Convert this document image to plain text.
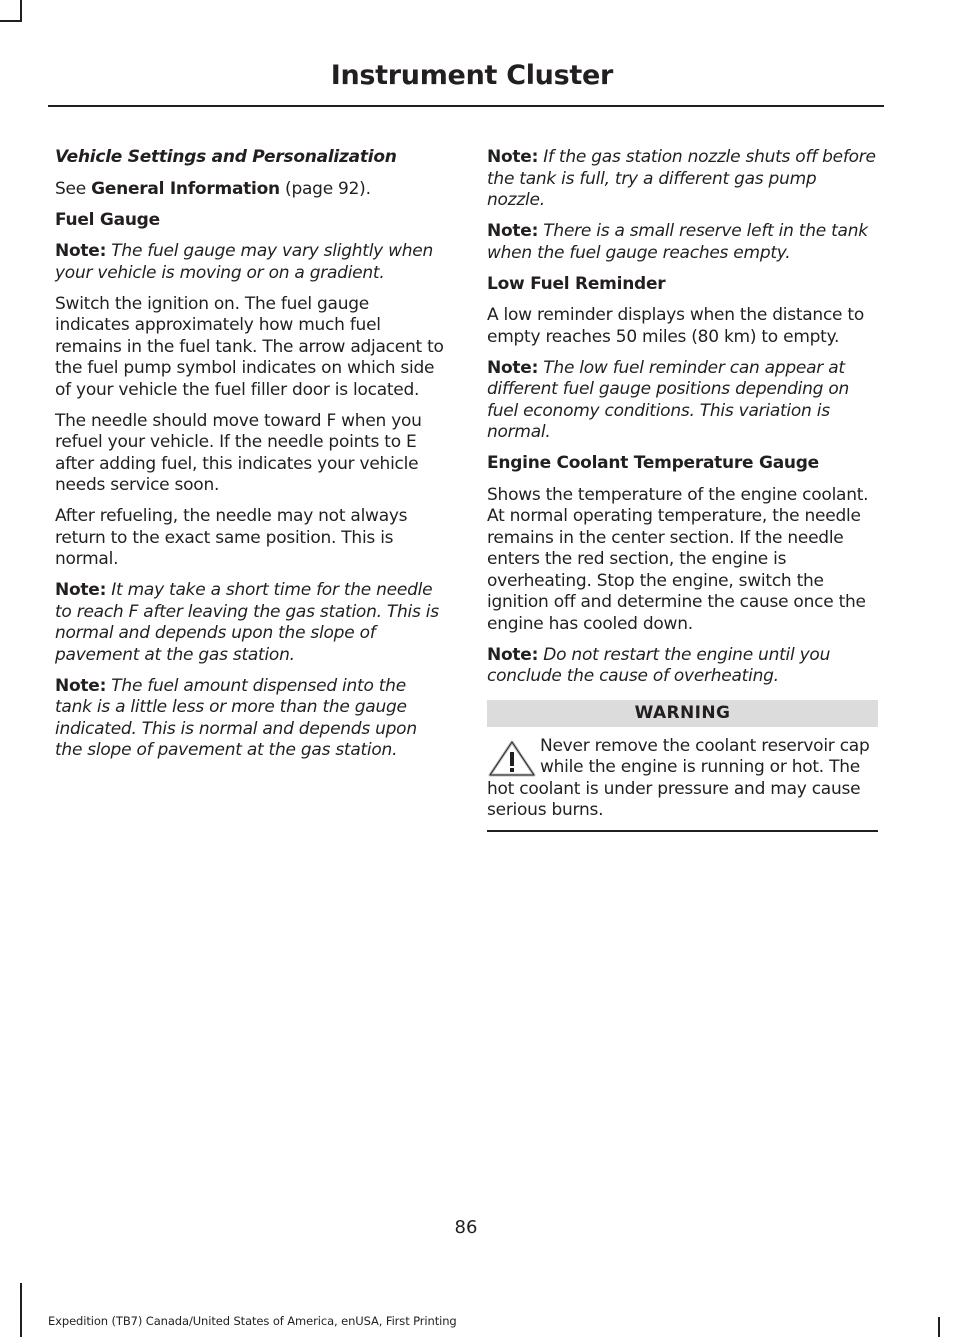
Instrument Cluster
Vehicle Settings and Personalization

See General Information (page 92).

Fuel Gauge

Note: The fuel gauge may vary slightly when your vehicle is moving or on a gradient.

Switch the ignition on. The fuel gauge indicates approximately how much fuel remains in the fuel tank. The arrow adjacent to the fuel pump symbol indicates on which side of your vehicle the fuel filler door is located.

The needle should move toward F when you refuel your vehicle. If the needle points to E after adding fuel, this indicates your vehicle needs service soon.

After refueling, the needle may not always return to the exact same position. This is normal.

Note: It may take a short time for the needle to reach F after leaving the gas station. This is normal and depends upon the slope of pavement at the gas station.

Note: The fuel amount dispensed into the tank is a little less or more than the gauge indicated. This is normal and depends upon the slope of pavement at the gas station.

Note: If the gas station nozzle shuts off before the tank is full, try a different gas pump nozzle.

Note: There is a small reserve left in the tank when the fuel gauge reaches empty.

Low Fuel Reminder

A low reminder displays when the distance to empty reaches 50 miles (80 km) to empty.

Note: The low fuel reminder can appear at different fuel gauge positions depending on fuel economy conditions. This variation is normal.

Engine Coolant Temperature Gauge

Shows the temperature of the engine coolant. At normal operating temperature, the needle remains in the center section. If the needle enters the red section, the engine is overheating. Stop the engine, switch the ignition off and determine the cause once the engine has cooled down.

Note: Do not restart the engine until you conclude the cause of overheating.

WARNING
Never remove the coolant reservoir cap while the engine is running or hot. The hot coolant is under pressure and may cause serious burns.

86

Expedition (TB7) Canada/United States of America, enUSA, First Printing
